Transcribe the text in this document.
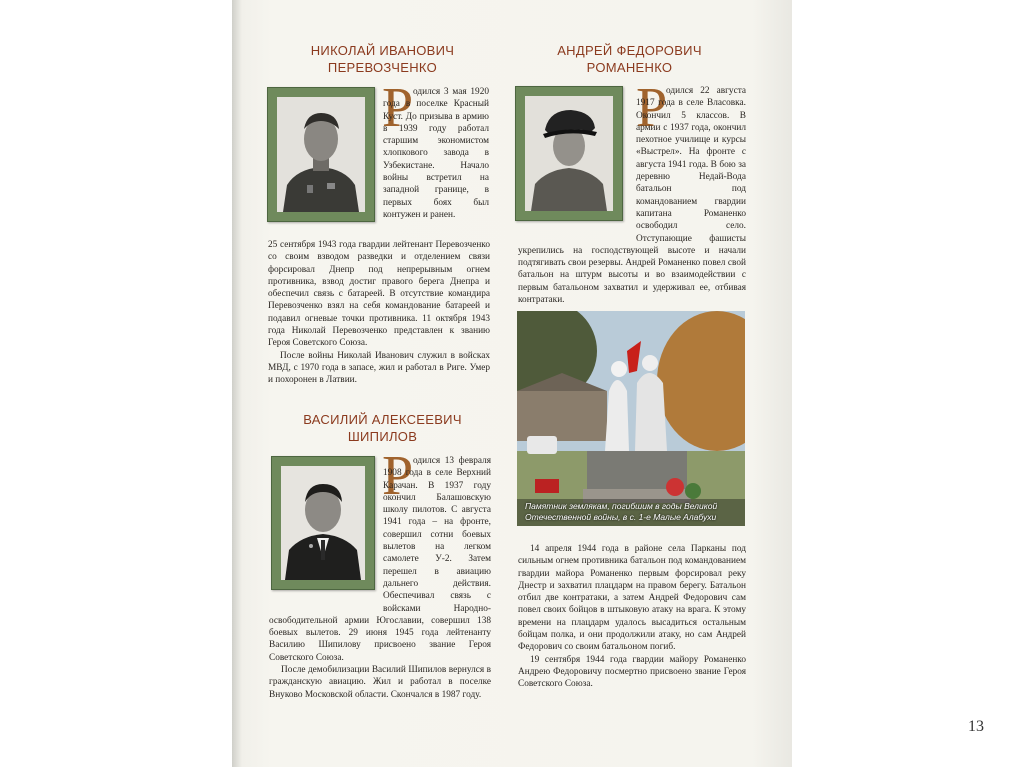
НИКОЛАЙ ИВАНОВИЧ
ПЕРЕВОЗЧЕНКО
Р одился 3 мая 1920 года в поселке Красный Куст. До призыва в армию в 1939 году работал старшим экономистом хлопкового завода в Узбекистане. Начало войны встретил на западной границе, в первых боях был контужен и ранен.

25 сентября 1943 года гвардии лейтенант Перевозченко со своим взводом разведки и отделением связи форсировал Днепр под непрерывным огнем противника, взвод достиг правого берега Днепра и обеспечил связь с батареей. В отсутствие командира Перевозченко взял на себя командование батареей и подавил огневые точки противника. 11 октября 1943 года Николай Перевозченко представлен к званию Героя Советского Союза.

После войны Николай Иванович служил в войсках МВД, с 1970 года в запасе, жил и работал в Риге. Умер и похоронен в Латвии.

ВАСИЛИЙ АЛЕКСЕЕВИЧ
ШИПИЛОВ
Р одился 13 февраля 1908 года в селе Верхний Карачан. В 1937 году окончил Балашовскую школу пилотов. С августа 1941 года – на фронте, совершил сотни боевых вылетов на легком самолете У-2. Затем перешел в авиацию дальнего действия. Обеспечивал связь с войсками Народно-освободительной армии Югославии, совершил 138 боевых вылетов. 29 июня 1945 года лейтенанту Василию Шипилову присвоено звание Героя Советского Союза.

После демобилизации Василий Шипилов вернулся в гражданскую авиацию. Жил и работал в поселке Внуково Московской области. Скончался в 1987 году.

АНДРЕЙ ФЕДОРОВИЧ
РОМАНЕНКО
Р

одился 22 августа 1917 года в селе Власовка. Окончил 5 классов. В армии с 1937 года, окончил пехотное училище и курсы «Выстрел». На фронте с августа 1941 года. В бою за деревню Недай-Вода батальон под командованием гвардии капитана Романенко освободил село. Отступающие фашисты укрепились на господствующей высоте и начали подтягивать свои резервы. Андрей Романенко повел свой батальон на штурм высоты и во взаимодействии с первым батальоном захватил и удерживал ее, отбивая контратаки.

Памятник землякам, погибшим в годы Великой Отечественной войны, в с. 1-е Малые Алабухи

14 апреля 1944 года в районе села Парканы под сильным огнем противника батальон под командованием гвардии майора Романенко первым форсировал реку Днестр и захватил плацдарм на правом берегу. Батальон отбил две контратаки, а затем Андрей Федорович сам повел своих бойцов в штыковую атаку на врага. К этому времени на плацдарм удалось высадиться остальным бойцам полка, и они продолжили атаку, но сам Андрей Федорович со своим батальоном погиб.

19 сентября 1944 года гвардии майору Романенко Андрею Федоровичу посмертно присвоено звание Героя Советского Союза.

13
